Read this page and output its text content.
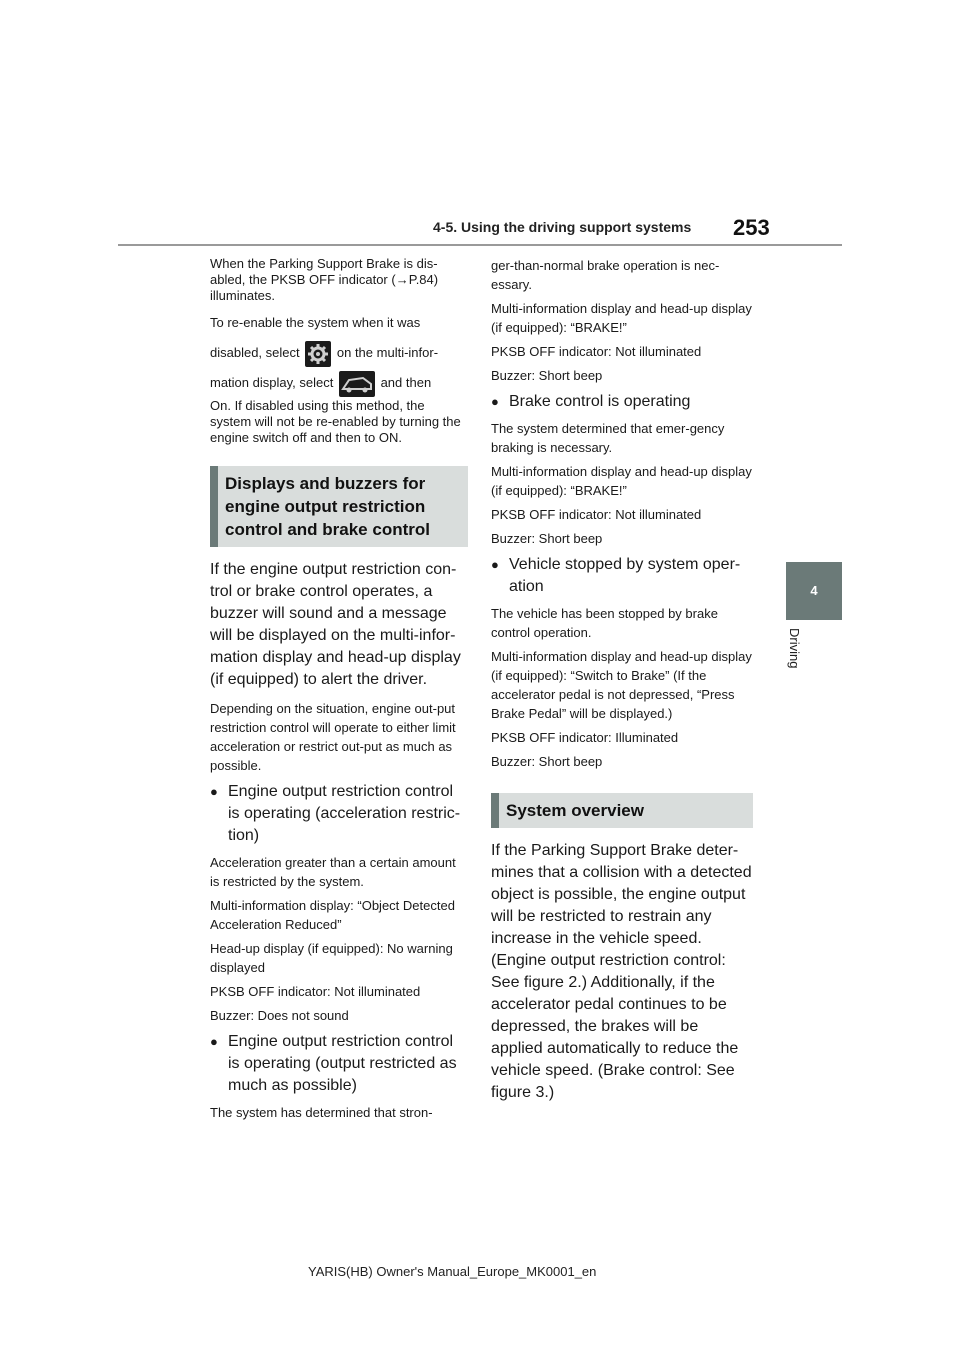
4-5. Using the driving support systems 253
4
Driving

When the Parking Support Brake is dis-abled, the PKSB OFF indicator (→P.84) illuminates.

To re-enable the system when it was disabled, select	on the multi-infor-mation display, select	and then

On. If disabled using this method, the system will not be re-enabled by turning the engine switch off and then to ON.

Displays and buzzers for engine output restriction control and brake control

If the engine output restriction con-trol or brake control operates, a buzzer will sound and a message will be displayed on the multi-infor-mation display and head-up display (if equipped) to alert the driver.

Depending on the situation, engine out-put restriction control will operate to either limit acceleration or restrict out-put as much as possible.

● Engine output restriction control is operating (acceleration restric-tion)

Acceleration greater than a certain amount is restricted by the system.

Multi-information display: “Object Detected Acceleration Reduced”

Head-up display (if equipped): No warning displayed

PKSB OFF indicator: Not illuminated

Buzzer: Does not sound

● Engine output restriction control is operating (output restricted as much as possible)

The system has determined that stron-

ger-than-normal brake operation is nec-essary.

Multi-information display and head-up display (if equipped): “BRAKE!”

PKSB OFF indicator: Not illuminated

Buzzer: Short beep

● Brake control is operating

The system determined that emer-gency braking is necessary.

Multi-information display and head-up display (if equipped): “BRAKE!”

PKSB OFF indicator: Not illuminated

Buzzer: Short beep

● Vehicle stopped by system oper-ation

The vehicle has been stopped by brake control operation.

Multi-information display and head-up display (if equipped): “Switch to Brake” (If the accelerator pedal is not depressed, “Press Brake Pedal” will be displayed.)

PKSB OFF indicator: Illuminated

Buzzer: Short beep

System overview

If the Parking Support Brake deter-mines that a collision with a detected object is possible, the engine output will be restricted to restrain any increase in the vehicle speed. (Engine output restriction control: See figure 2.) Additionally, if the accelerator pedal continues to be depressed, the brakes will be applied automatically to reduce the vehicle speed. (Brake control: See figure 3.)

YARIS(HB) Owner's Manual_Europe_MK0001_en
